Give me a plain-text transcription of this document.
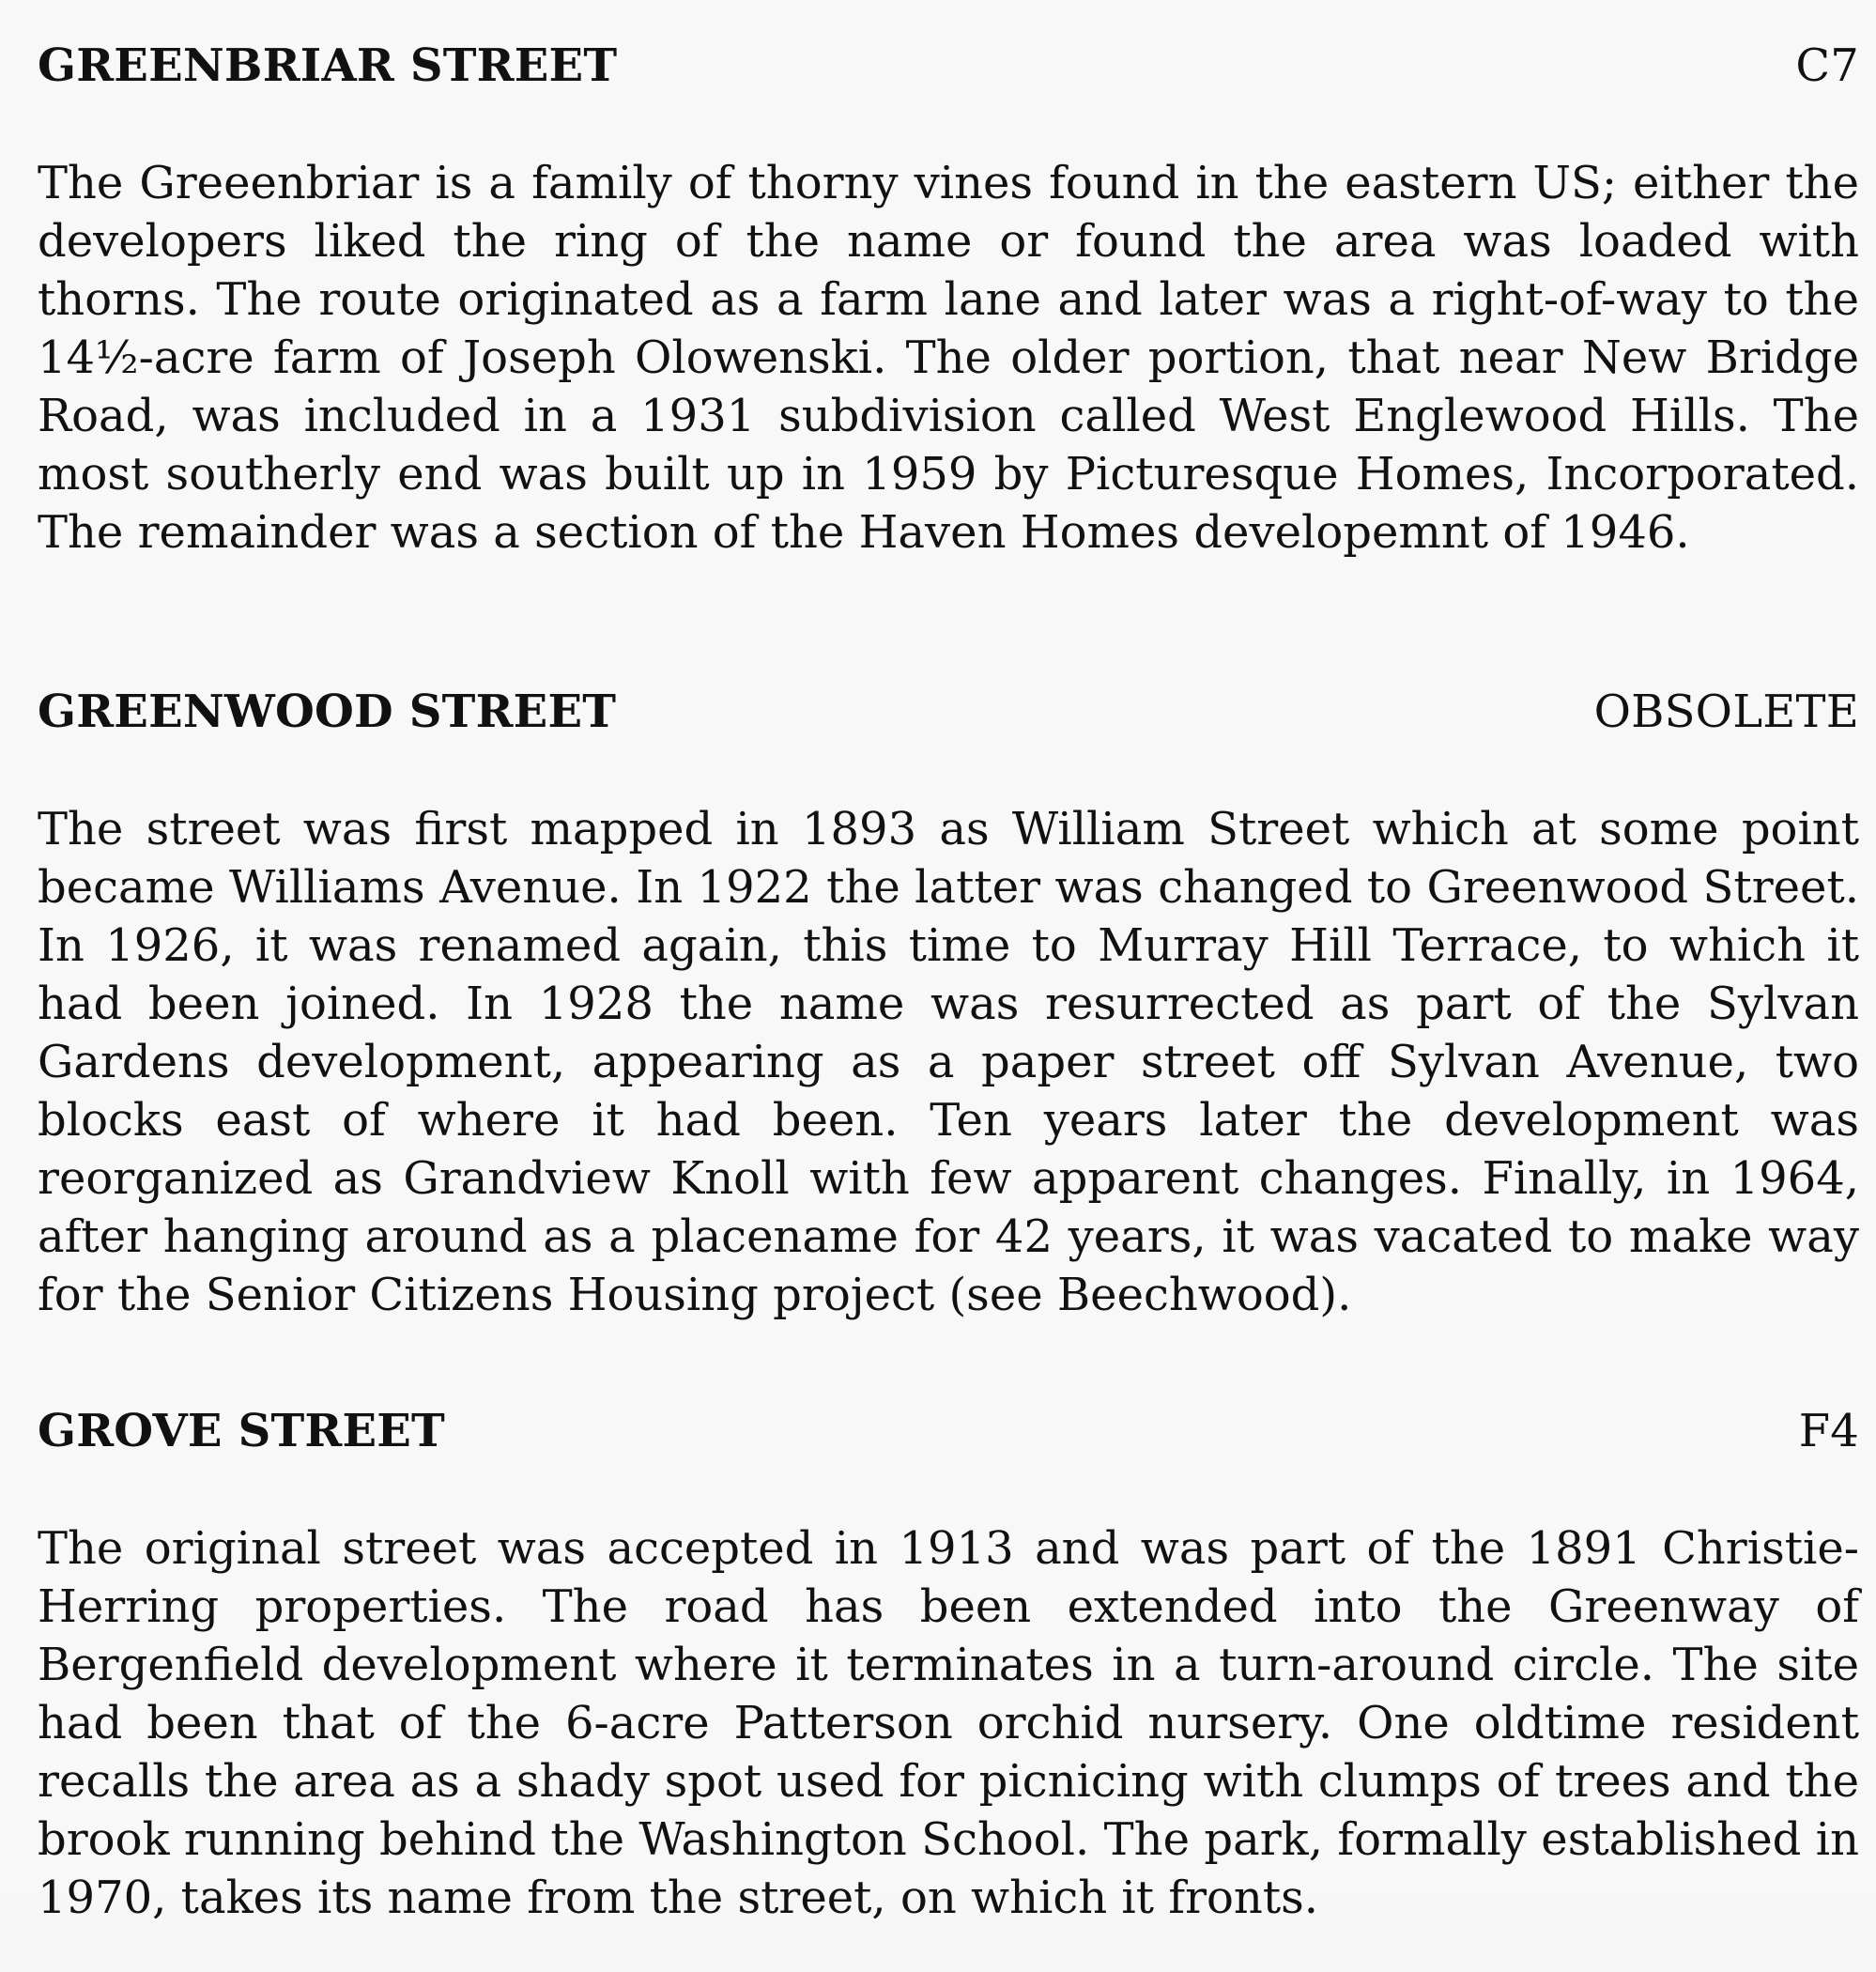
GREENBRIAR STREET	C7

The Greeenbriar is a family of thorny vines found in the eastern US; either the developers liked the ring of the name or found the area was loaded with thorns. The route originated as a farm lane and later was a right-of-way to the 14½-acre farm of Joseph Olowenski. The older portion, that near New Bridge Road, was included in a 1931 subdivision called West Englewood Hills. The most southerly end was built up in 1959 by Picturesque Homes, Incorporated. The remainder was a section of the Haven Homes developemnt of 1946.

GREENWOOD STREET	OBSOLETE

The street was first mapped in 1893 as William Street which at some point became Williams Avenue. In 1922 the latter was changed to Greenwood Street. In 1926, it was renamed again, this time to Murray Hill Terrace, to which it had been joined. In 1928 the name was resurrected as part of the Sylvan Gardens development, appearing as a paper street off Sylvan Avenue, two blocks east of where it had been. Ten years later the development was reorganized as Grandview Knoll with few apparent changes. Finally, in 1964, after hanging around as a placename for 42 years, it was vacated to make way for the Senior Citizens Housing project (see Beechwood).

GROVE STREET	F4

The original street was accepted in 1913 and was part of the 1891 Christie-Herring properties. The road has been extended into the Greenway of Bergenfield development where it terminates in a turn-around circle. The site had been that of the 6-acre Patterson orchid nursery. One oldtime resident recalls the area as a shady spot used for picnicing with clumps of trees and the brook running behind the Washington School. The park, formally established in 1970, takes its name from the street, on which it fronts.
